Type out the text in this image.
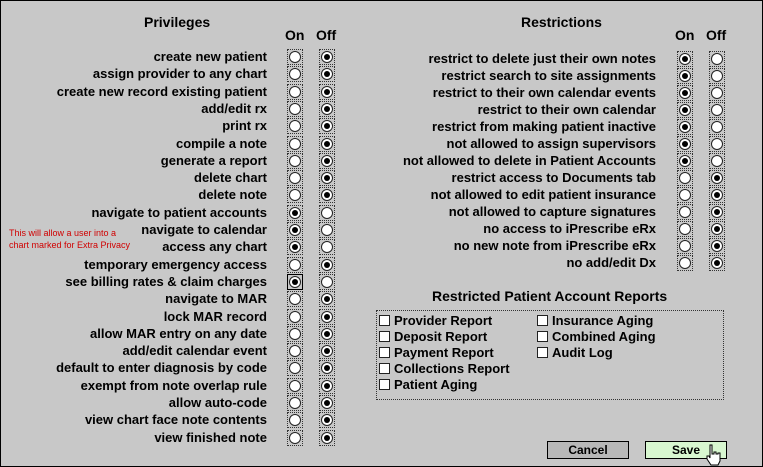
Privileges
On Off
Restrictions
On Off
create new patient
assign provider to any chart
create new record existing patient
add/edit rx
print rx
compile a note
generate a report
delete chart
delete note
navigate to patient accounts
navigate to calendar
access any chart
temporary emergency access
see billing rates & claim charges
navigate to MAR
lock MAR record
allow MAR entry on any date
add/edit calendar event
default to enter diagnosis by code
exempt from note overlap rule
allow auto-code
view chart face note contents
view finished note
restrict to delete just their own notes
restrict search to site assignments
restrict to their own calendar events
restrict to their own calendar
restrict from making patient inactive
not allowed to assign supervisors
not allowed to delete in Patient Accounts
restrict access to Documents tab
not allowed to edit patient insurance
not allowed to capture signatures
no access to iPrescribe eRx
no new note from iPrescribe eRx
no add/edit Dx
This will allow a user into a
chart marked for Extra Privacy
Restricted Patient Account Reports
Provider Report
Deposit Report
Payment Report
Collections Report
Patient Aging
Insurance Aging
Combined Aging
Audit Log
Cancel	Save
